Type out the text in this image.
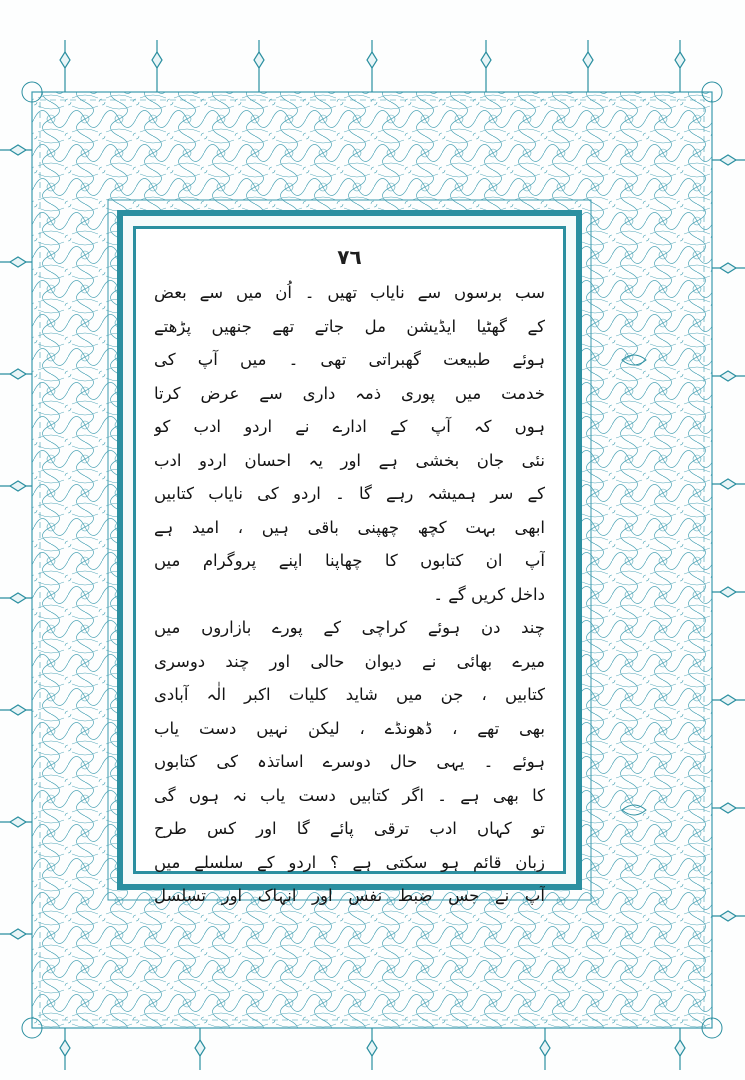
۷٦
سب برسوں سے نایاب تھیں ۔ اُن میں سے بعض
کے گھٹیا ایڈیشن مل جاتے تھے جنھیں پڑھتے
ہوئے طبیعت گھبراتی تھی ۔ میں آپ کی
خدمت میں پوری ذمہ داری سے عرض کرتا
ہوں کہ آپ کے ادارے نے اردو ادب کو
نئی جان بخشی ہے اور یہ احسان اردو ادب
کے سر ہمیشہ رہے گا ۔ اردو کی نایاب کتابیں
ابھی بہت کچھ چھپنی باقی ہیں ، امید ہے
آپ ان کتابوں کا چھاپنا اپنے پروگرام میں
داخل کریں گے ۔
چند دن ہوئے کراچی کے پورے بازاروں میں
میرے بھائی نے دیوان حالی اور چند دوسری
کتابیں ، جن میں شاید کلیات اکبر الٰہ آبادی
بھی تھے ، ڈھونڈے ، لیکن نہیں دست یاب
ہوئے ۔ یہی حال دوسرے اساتذہ کی کتابوں
کا بھی ہے ۔ اگر کتابیں دست یاب نہ ہوں گی
تو کہاں ادب ترقی پائے گا اور کس طرح
زبان قائم ہو سکتی ہے ؟ اردو کے سلسلے میں
آپ نے جس ضبط نفس اور انہاک اور تسلسل
